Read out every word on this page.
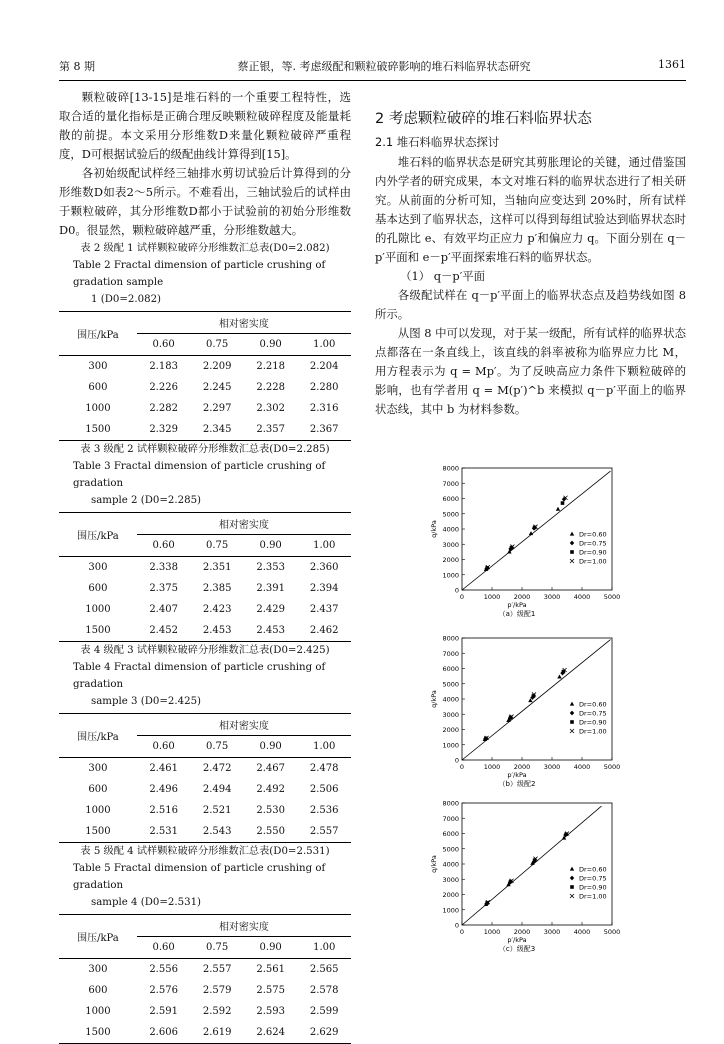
第 8 期	蔡正银，等. 考虑级配和颗粒破碎影响的堆石料临界状态研究	1361

颗粒破碎[13-15]是堆石料的一个重要工程特性，选取合适的量化指标是正确合理反映颗粒破碎程度及能量耗散的前提。本文采用分形维数D来量化颗粒破碎严重程度，D可根据试验后的级配曲线计算得到[15]。

各初始级配试样经三轴排水剪切试验后计算得到的分形维数D如表2～5所示。不难看出，三轴试验后的试样由于颗粒破碎，其分形维数D都小于试验前的初始分形维数D0。很显然，颗粒破碎越严重，分形维数越大。

表 2 级配 1 试样颗粒破碎分形维数汇总表(D0=2.082)

Table 2 Fractal dimension of particle crushing of gradation sample

1 (D0=2.082)

围压/kPa	相对密实度			
	0.60	0.75	0.90	1.00
300	2.183	2.209	2.218	2.204
600	2.226	2.245	2.228	2.280
1000	2.282	2.297	2.302	2.316
1500	2.329	2.345	2.357	2.367

表 3 级配 2 试样颗粒破碎分形维数汇总表(D0=2.285)

Table 3 Fractal dimension of particle crushing of gradation

sample 2 (D0=2.285)

围压/kPa	相对密实度			
	0.60	0.75	0.90	1.00
300	2.338	2.351	2.353	2.360
600	2.375	2.385	2.391	2.394
1000	2.407	2.423	2.429	2.437
1500	2.452	2.453	2.453	2.462

表 4 级配 3 试样颗粒破碎分形维数汇总表(D0=2.425)

Table 4 Fractal dimension of particle crushing of gradation

sample 3 (D0=2.425)

围压/kPa	相对密实度			
	0.60	0.75	0.90	1.00
300	2.461	2.472	2.467	2.478
600	2.496	2.494	2.492	2.506
1000	2.516	2.521	2.530	2.536
1500	2.531	2.543	2.550	2.557

表 5 级配 4 试样颗粒破碎分形维数汇总表(D0=2.531)

Table 5 Fractal dimension of particle crushing of gradation

sample 4 (D0=2.531)

围压/kPa	相对密实度			
	0.60	0.75	0.90	1.00
300	2.556	2.557	2.561	2.565
600	2.576	2.579	2.575	2.578
1000	2.591	2.592	2.593	2.599
1500	2.606	2.619	2.624	2.629

2 考虑颗粒破碎的堆石料临界状态

2.1 堆石料临界状态探讨

堆石料的临界状态是研究其剪胀理论的关键，通过借鉴国内外学者的研究成果，本文对堆石料的临界状态进行了相关研究。从前面的分析可知，当轴向应变达到 20%时，所有试样基本达到了临界状态，这样可以得到每组试验达到临界状态时的孔隙比 e、有效平均正应力 p′和偏应力 q。下面分别在 q－p′平面和 e－p′平面探索堆石料的临界状态。

（1） q－p′平面

各级配试样在 q－p′平面上的临界状态点及趋势线如图 8 所示。

从图 8 中可以发现，对于某一级配，所有试样的临界状态点都落在一条直线上，该直线的斜率被称为临界应力比 M，用方程表示为 q = Mp′。为了反映高应力条件下颗粒破碎的影响，也有学者用 q = M(p′)^b 来模拟 q－p′平面上的临界状态线，其中 b 为材料参数。

0
1000
2000
3000
4000
5000
6000
7000
8000
0	1000 2000 3000 4000 5000
q/kPa
p′/kPa
（a）级配1
Dr=0.60
Dr=0.75
Dr=0.90
Dr=1.00
0
1000
2000
3000
4000
5000
6000
7000
8000
0	1000 2000 3000 4000 5000
q/kPa
p′/kPa
（b）级配2
Dr=0.60
Dr=0.75
Dr=0.90
Dr=1.00
0
1000
2000
3000
4000
5000
6000
7000
8000
0	1000 2000 3000 4000 5000
q/kPa
p′/kPa
（c）级配3
Dr=0.60
Dr=0.75
Dr=0.90
Dr=1.00
